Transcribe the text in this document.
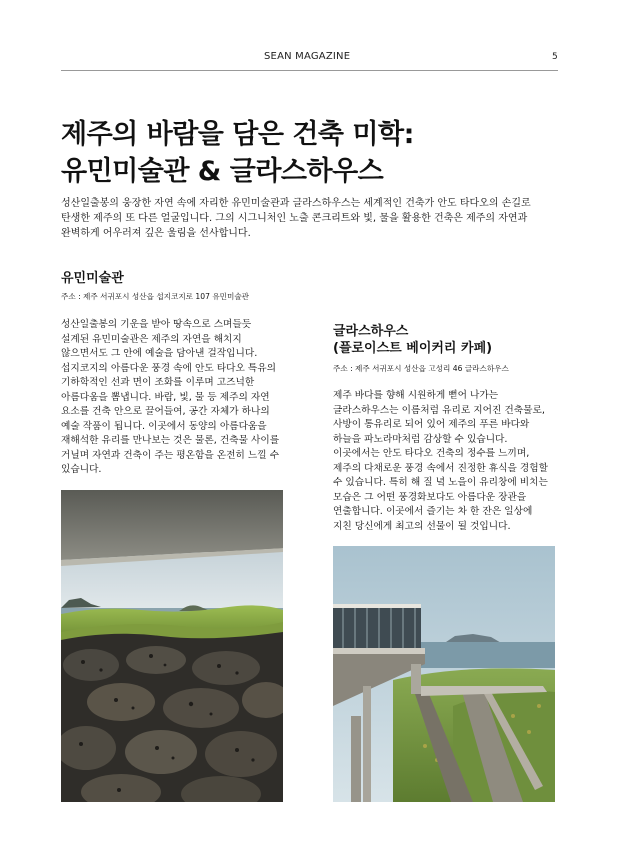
SEAN MAGAZINE	5
제주의 바람을 담은 건축 미학:
유민미술관 & 글라스하우스
성산일출봉의 웅장한 자연 속에 자리한 유민미술관과 글라스하우스는 세계적인 건축가 안도 타다오의 손길로
탄생한 제주의 또 다른 얼굴입니다. 그의 시그니처인 노출 콘크리트와 빛, 물을 활용한 건축은 제주의 자연과
완벽하게 어우러져 깊은 울림을 선사합니다.
유민미술관
주소 : 제주 서귀포시 성산읍 섭지코지로 107 유민미술관
성산일출봉의 기운을 받아 땅속으로 스며들듯
설계된 유민미술관은 제주의 자연을 해치지
않으면서도 그 안에 예술을 담아낸 걸작입니다.
섭지코지의 아름다운 풍경 속에 안도 타다오 특유의
기하학적인 선과 면이 조화를 이루며 고즈넉한
아름다움을 뽐냅니다. 바람, 빛, 물 등 제주의 자연
요소를 건축 안으로 끌어들여, 공간 자체가 하나의
예술 작품이 됩니다. 이곳에서 동양의 아름다움을
재해석한 유리를 만나보는 것은 물론, 건축물 사이를
거닐며 자연과 건축이 주는 평온함을 온전히 느낄 수
있습니다.
글라스하우스
(플로이스트 베이커리 카페)
주소 : 제주 서귀포시 성산읍 고성리 46 글라스하우스
제주 바다를 향해 시원하게 뻗어 나가는
글라스하우스는 이름처럼 유리로 지어진 건축물로,
사방이 통유리로 되어 있어 제주의 푸른 바다와
하늘을 파노라마처럼 감상할 수 있습니다.
이곳에서는 안도 타다오 건축의 정수를 느끼며,
제주의 다채로운 풍경 속에서 진정한 휴식을 경험할
수 있습니다. 특히 해 질 녘 노을이 유리창에 비치는
모습은 그 어떤 풍경화보다도 아름다운 장관을
연출합니다. 이곳에서 즐기는 차 한 잔은 일상에
지친 당신에게 최고의 선물이 될 것입니다.
